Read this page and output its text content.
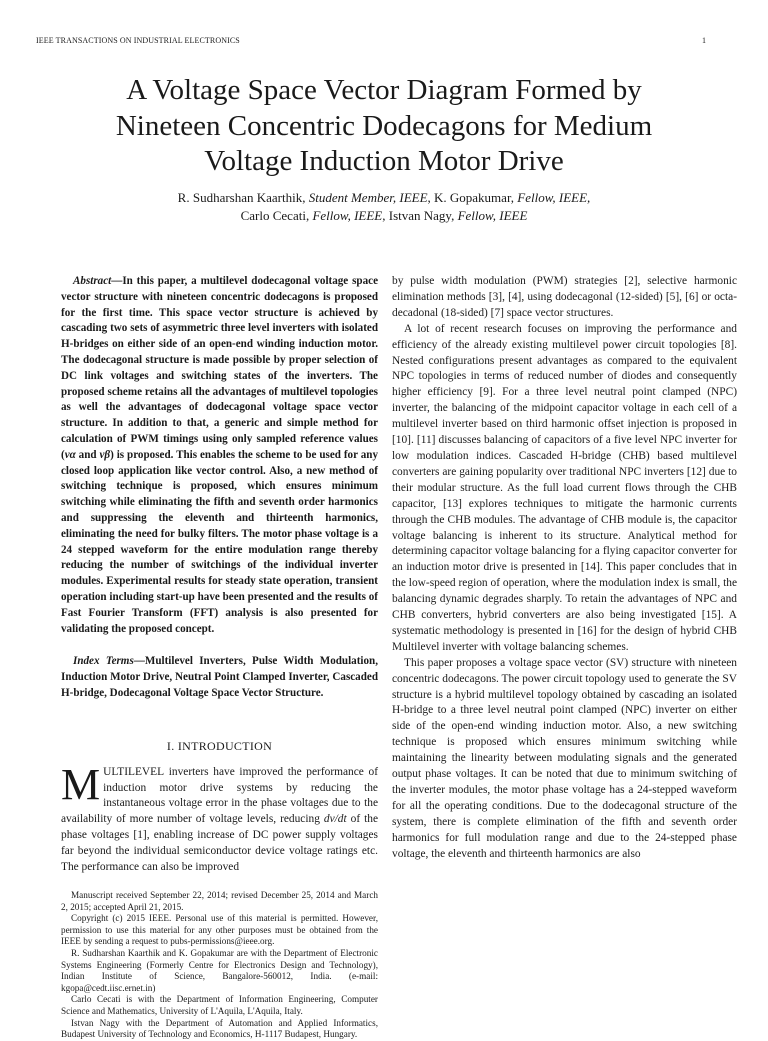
IEEE TRANSACTIONS ON INDUSTRIAL ELECTRONICS	1
A Voltage Space Vector Diagram Formed by
Nineteen Concentric Dodecagons for Medium
Voltage Induction Motor Drive
R. Sudharshan Kaarthik, Student Member, IEEE, K. Gopakumar, Fellow, IEEE,
Carlo Cecati, Fellow, IEEE, Istvan Nagy, Fellow, IEEE

Abstract—In this paper, a multilevel dodecagonal voltage space vector structure with nineteen concentric dodecagons is proposed for the first time. This space vector structure is achieved by cascading two sets of asymmetric three level inverters with isolated H-bridges on either side of an open-end winding induction motor. The dodecagonal structure is made possible by proper selection of DC link voltages and switching states of the inverters. The proposed scheme retains all the advantages of multilevel topologies as well the advantages of dodecagonal voltage space vector structure. In addition to that, a generic and simple method for calculation of PWM timings using only sampled reference values (vα and vβ) is proposed. This enables the scheme to be used for any closed loop application like vector control. Also, a new method of switching technique is proposed, which ensures minimum switching while eliminating the fifth and seventh order harmonics and suppressing the eleventh and thirteenth harmonics, eliminating the need for bulky filters. The motor phase voltage is a 24 stepped waveform for the entire modulation range thereby reducing the number of switchings of the individual inverter modules. Experimental results for steady state operation, transient operation including start-up have been presented and the results of Fast Fourier Transform (FFT) analysis is also presented for validating the proposed concept.

Index Terms—Multilevel Inverters, Pulse Width Modulation, Induction Motor Drive, Neutral Point Clamped Inverter, Cascaded H-bridge, Dodecagonal Voltage Space Vector Structure.

I. INTRODUCTION

MULTILEVEL inverters have improved the performance of induction motor drive systems by reducing the instantaneous voltage error in the phase voltages due to the availability of more number of voltage levels, reducing dv/dt of the phase voltages [1], enabling increase of DC power supply voltages far beyond the individual semiconductor device voltage ratings etc. The performance can also be improved

Manuscript received September 22, 2014; revised December 25, 2014 and March 2, 2015; accepted April 21, 2015.

Copyright (c) 2015 IEEE. Personal use of this material is permitted. However, permission to use this material for any other purposes must be obtained from the IEEE by sending a request to pubs-permissions@ieee.org.

R. Sudharshan Kaarthik and K. Gopakumar are with the Department of Electronic Systems Engineering (Formerly Centre for Electronics Design and Technology), Indian Institute of Science, Bangalore-560012, India. (e-mail: kgopa@cedt.iisc.ernet.in)

Carlo Cecati is with the Department of Information Engineering, Computer Science and Mathematics, University of L'Aquila, L'Aquila, Italy.

Istvan Nagy with the Department of Automation and Applied Informatics, Budapest University of Technology and Economics, H-1117 Budapest, Hungary.

by pulse width modulation (PWM) strategies [2], selective harmonic elimination methods [3], [4], using dodecagonal (12-sided) [5], [6] or octa-decadonal (18-sided) [7] space vector structures.

A lot of recent research focuses on improving the performance and efficiency of the already existing multilevel power circuit topologies [8]. Nested configurations present advantages as compared to the equivalent NPC topologies in terms of reduced number of diodes and consequently higher efficiency [9]. For a three level neutral point clamped (NPC) inverter, the balancing of the midpoint capacitor voltage in each cell of a multilevel inverter based on third harmonic offset injection is proposed in [10]. [11] discusses balancing of capacitors of a five level NPC inverter for low modulation indices. Cascaded H-bridge (CHB) based multilevel converters are gaining popularity over traditional NPC inverters [12] due to their modular structure. As the full load current flows through the CHB capacitor, [13] explores techniques to mitigate the harmonic currents through the CHB modules. The advantage of CHB module is, the capacitor voltage balancing is inherent to its structure. Analytical method for determining capacitor voltage balancing for a flying capacitor converter for an induction motor drive is presented in [14]. This paper concludes that in the low-speed region of operation, where the modulation index is small, the balancing dynamic degrades sharply. To retain the advantages of NPC and CHB converters, hybrid converters are also being investigated [15]. A systematic methodology is presented in [16] for the design of hybrid CHB Multilevel inverter with voltage balancing schemes.

This paper proposes a voltage space vector (SV) structure with nineteen concentric dodecagons. The power circuit topology used to generate the SV structure is a hybrid multilevel topology obtained by cascading an isolated H-bridge to a three level neutral point clamped (NPC) inverter on either side of the open-end winding induction motor. Also, a new switching technique is proposed which ensures minimum switching while maintaining the linearity between modulating signals and the generated output phase voltages. It can be noted that due to minimum switching of the inverter modules, the motor phase voltage has a 24-stepped waveform for all the operating conditions. Due to the dodecagonal structure of the system, there is complete elimination of the fifth and seventh order harmonics for full modulation range and due to the 24-stepped phase voltage, the eleventh and thirteenth harmonics are also
